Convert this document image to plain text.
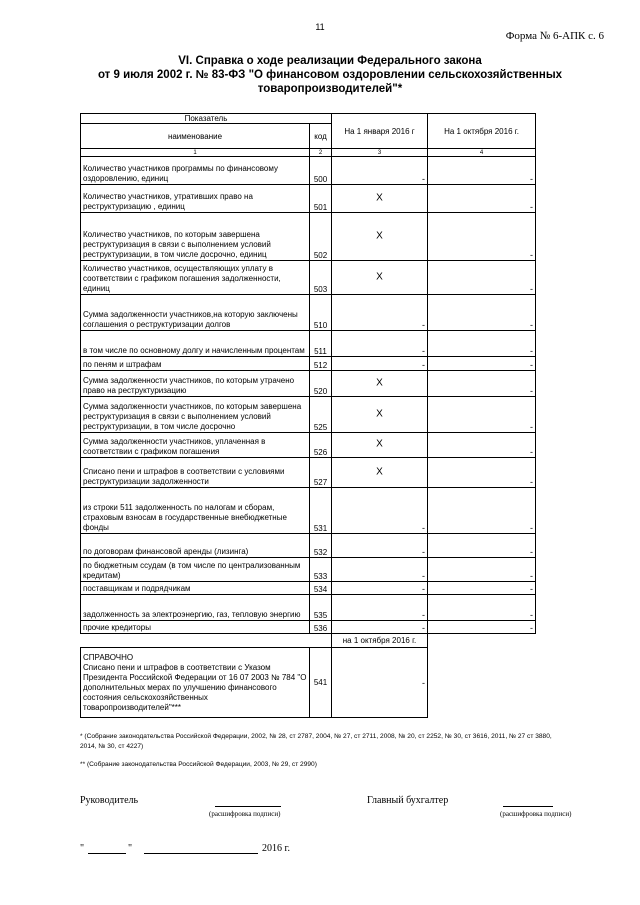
11
Форма № 6-АПК с. 6
VI. Справка о ходе реализации Федерального закона
от 9 июля 2002 г. № 83-ФЗ "О финансовом оздоровлении сельскохозяйственных
товаропроизводителей"*
Показатель		На 1 января 2016 г	На 1 октября 2016 г.
наименование	код		
1	2	3	4
Количество участников программы по финансовому оздоровлению, единиц	500	-	-
Количество участников, утративших право на реструктуризацию , единиц	501	X	-
Количество участников, по которым завершена реструктуризация в связи с выполнением условий реструктуризации, в том числе досрочно, единиц	502	X	-
Количество участников, осуществляющих уплату в соответствии с графиком погашения задолженности, единиц	503	X	-
Сумма задолженности участников,на которую заключены соглашения о реструктуризации долгов	510	-	-
в том числе по основному долгу и начисленным процентам	511	-	-
по пеням и штрафам	512	-	-
Сумма задолженности участников, по которым утрачено право на реструктуризацию	520	X	-
Сумма задолженности участников, по которым завершена реструктуризация в связи с выполнением условий реструктуризации, в том числе досрочно	525	X	-
Сумма задолженности участников, уплаченная в соответствии с графиком погашения	526	X	-
Списано пени и штрафов в соответствии с условиями реструктуризации задолженности	527	X	-
из строки 511 задолженность по налогам и сборам, страховым взносам в государственные внебюджетные фонды	531	-	-
по договорам финансовой аренды (лизинга)	532	-	-
по бюджетным ссудам (в том числе по централизованным кредитам)	533	-	-
поставщикам и подрядчикам	534	-	-
задолженность за электроэнергию, газ, тепловую энергию	535	-	-
прочие кредиторы	536	-	-
		на 1 октября 2016 г.	

СПРАВОЧНО
Списано пени и штрафов в соответствии с Указом Президента Российской Федерации от 16 07 2003 № 784 "О дополнительных мерах по улучшению финансового состояния сельскохозяйственных товаропроизводителей"***	541	-	

* (Собрание законодательства Российской Федерации, 2002, № 28, ст 2787, 2004, № 27, ст 2711, 2008, № 20, ст 2252, № 30, ст 3616, 2011, № 27 ст 3880, 2014, № 30, ст 4227)

** (Собрание законодательства Российской Федерации, 2003, № 29, ст 2990)

Руководитель
(расшифровка подписи)
Главный бухгалтер
(расшифровка подписи)
"	"	2016 г.
